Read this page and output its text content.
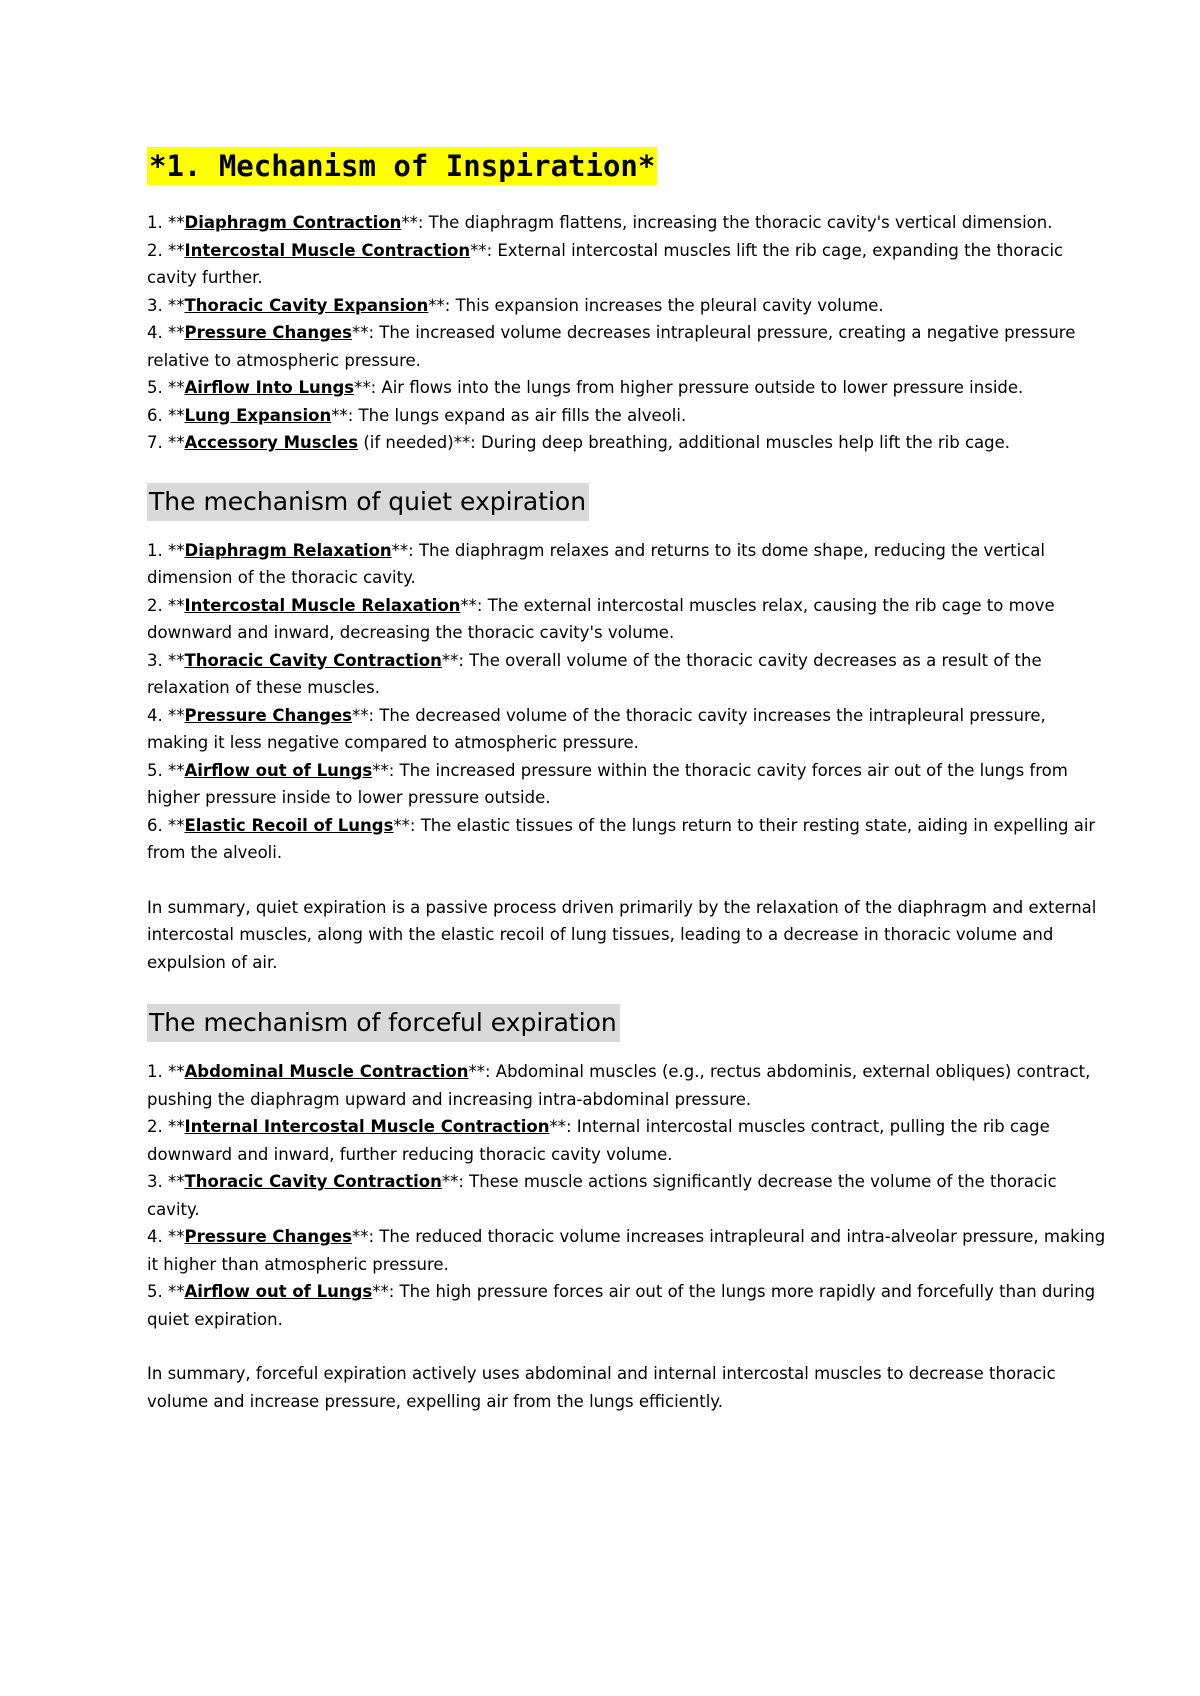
*1. Mechanism of Inspiration*
1. **Diaphragm Contraction**: The diaphragm flattens, increasing the thoracic cavity's vertical dimension.
2. **Intercostal Muscle Contraction**: External intercostal muscles lift the rib cage, expanding the thoracic cavity further.
3. **Thoracic Cavity Expansion**: This expansion increases the pleural cavity volume.
4. **Pressure Changes**: The increased volume decreases intrapleural pressure, creating a negative pressure relative to atmospheric pressure.
5. **Airflow Into Lungs**: Air flows into the lungs from higher pressure outside to lower pressure inside.
6. **Lung Expansion**: The lungs expand as air fills the alveoli.
7. **Accessory Muscles (if needed)**: During deep breathing, additional muscles help lift the rib cage.
The mechanism of quiet expiration
1. **Diaphragm Relaxation**: The diaphragm relaxes and returns to its dome shape, reducing the vertical dimension of the thoracic cavity.
2. **Intercostal Muscle Relaxation**: The external intercostal muscles relax, causing the rib cage to move downward and inward, decreasing the thoracic cavity's volume.
3. **Thoracic Cavity Contraction**: The overall volume of the thoracic cavity decreases as a result of the relaxation of these muscles.
4. **Pressure Changes**: The decreased volume of the thoracic cavity increases the intrapleural pressure, making it less negative compared to atmospheric pressure.
5. **Airflow out of Lungs**: The increased pressure within the thoracic cavity forces air out of the lungs from higher pressure inside to lower pressure outside.
6. **Elastic Recoil of Lungs**: The elastic tissues of the lungs return to their resting state, aiding in expelling air from the alveoli.

In summary, quiet expiration is a passive process driven primarily by the relaxation of the diaphragm and external intercostal muscles, along with the elastic recoil of lung tissues, leading to a decrease in thoracic volume and expulsion of air.

The mechanism of forceful expiration
1. **Abdominal Muscle Contraction**: Abdominal muscles (e.g., rectus abdominis, external obliques) contract, pushing the diaphragm upward and increasing intra-abdominal pressure.
2. **Internal Intercostal Muscle Contraction**: Internal intercostal muscles contract, pulling the rib cage downward and inward, further reducing thoracic cavity volume.
3. **Thoracic Cavity Contraction**: These muscle actions significantly decrease the volume of the thoracic cavity.
4. **Pressure Changes**: The reduced thoracic volume increases intrapleural and intra-alveolar pressure, making it higher than atmospheric pressure.
5. **Airflow out of Lungs**: The high pressure forces air out of the lungs more rapidly and forcefully than during quiet expiration.

In summary, forceful expiration actively uses abdominal and internal intercostal muscles to decrease thoracic volume and increase pressure, expelling air from the lungs efficiently.
